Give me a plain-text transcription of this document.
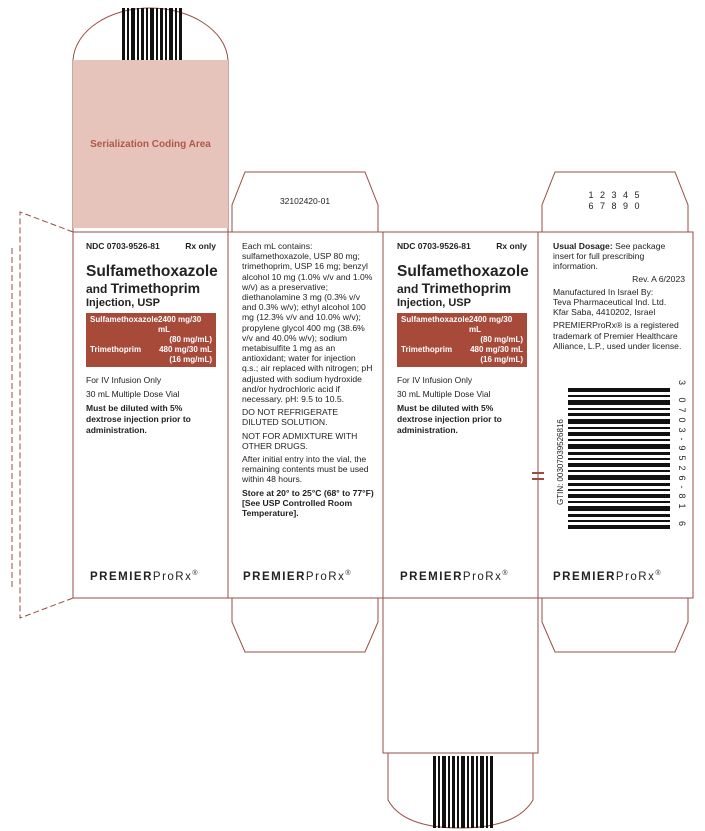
Serialization Coding Area
32102420-01
1 2 3 4 5
6 7 8 9 0
NDC 0703-9526-81	Rx only
Sulfamethoxazole
and Trimethoprim
Injection, USP
Sulfamethoxazole 2400 mg/30 mL
(80 mg/mL)
Trimethoprim 480 mg/30 mL
(16 mg/mL)
For IV Infusion Only
30 mL Multiple Dose Vial
Must be diluted with 5% dextrose injection prior to administration.
PREMIERProRx®
Each mL contains: sulfamethoxazole, USP 80 mg; trimethoprim, USP 16 mg; benzyl alcohol 10 mg (1.0% v/v and 1.0% w/v) as a preservative; diethanolamine 3 mg (0.3% v/v and 0.3% w/v); ethyl alcohol 100 mg (12.3% v/v and 10.0% w/v); propylene glycol 400 mg (38.6% v/v and 40.0% w/v); sodium metabisulfite 1 mg as an antioxidant; water for injection q.s.; air replaced with nitrogen; pH adjusted with sodium hydroxide and/or hydrochloric acid if necessary. pH: 9.5 to 10.5.
DO NOT REFRIGERATE DILUTED SOLUTION.
NOT FOR ADMIXTURE WITH OTHER DRUGS.
After initial entry into the vial, the remaining contents must be used within 48 hours.
Store at 20° to 25°C (68° to 77°F) [See USP Controlled Room Temperature].
PREMIERProRx®
NDC 0703-9526-81	Rx only
Sulfamethoxazole
and Trimethoprim
Injection, USP
Sulfamethoxazole 2400 mg/30 mL
(80 mg/mL)
Trimethoprim 480 mg/30 mL
(16 mg/mL)
For IV Infusion Only
30 mL Multiple Dose Vial
Must be diluted with 5% dextrose injection prior to administration.
PREMIERProRx®
Usual Dosage: See package insert for full prescribing information.
Rev. A 6/2023
Manufactured In Israel By:
Teva Pharmaceutical Ind. Ltd.
Kfar Saba, 4410202, Israel
PREMIERProRx® is a registered trademark of Premier Healthcare Alliance, L.P., used under license.
GTIN: 00307039526816	3 0703-9526-81 6
PREMIERProRx®
